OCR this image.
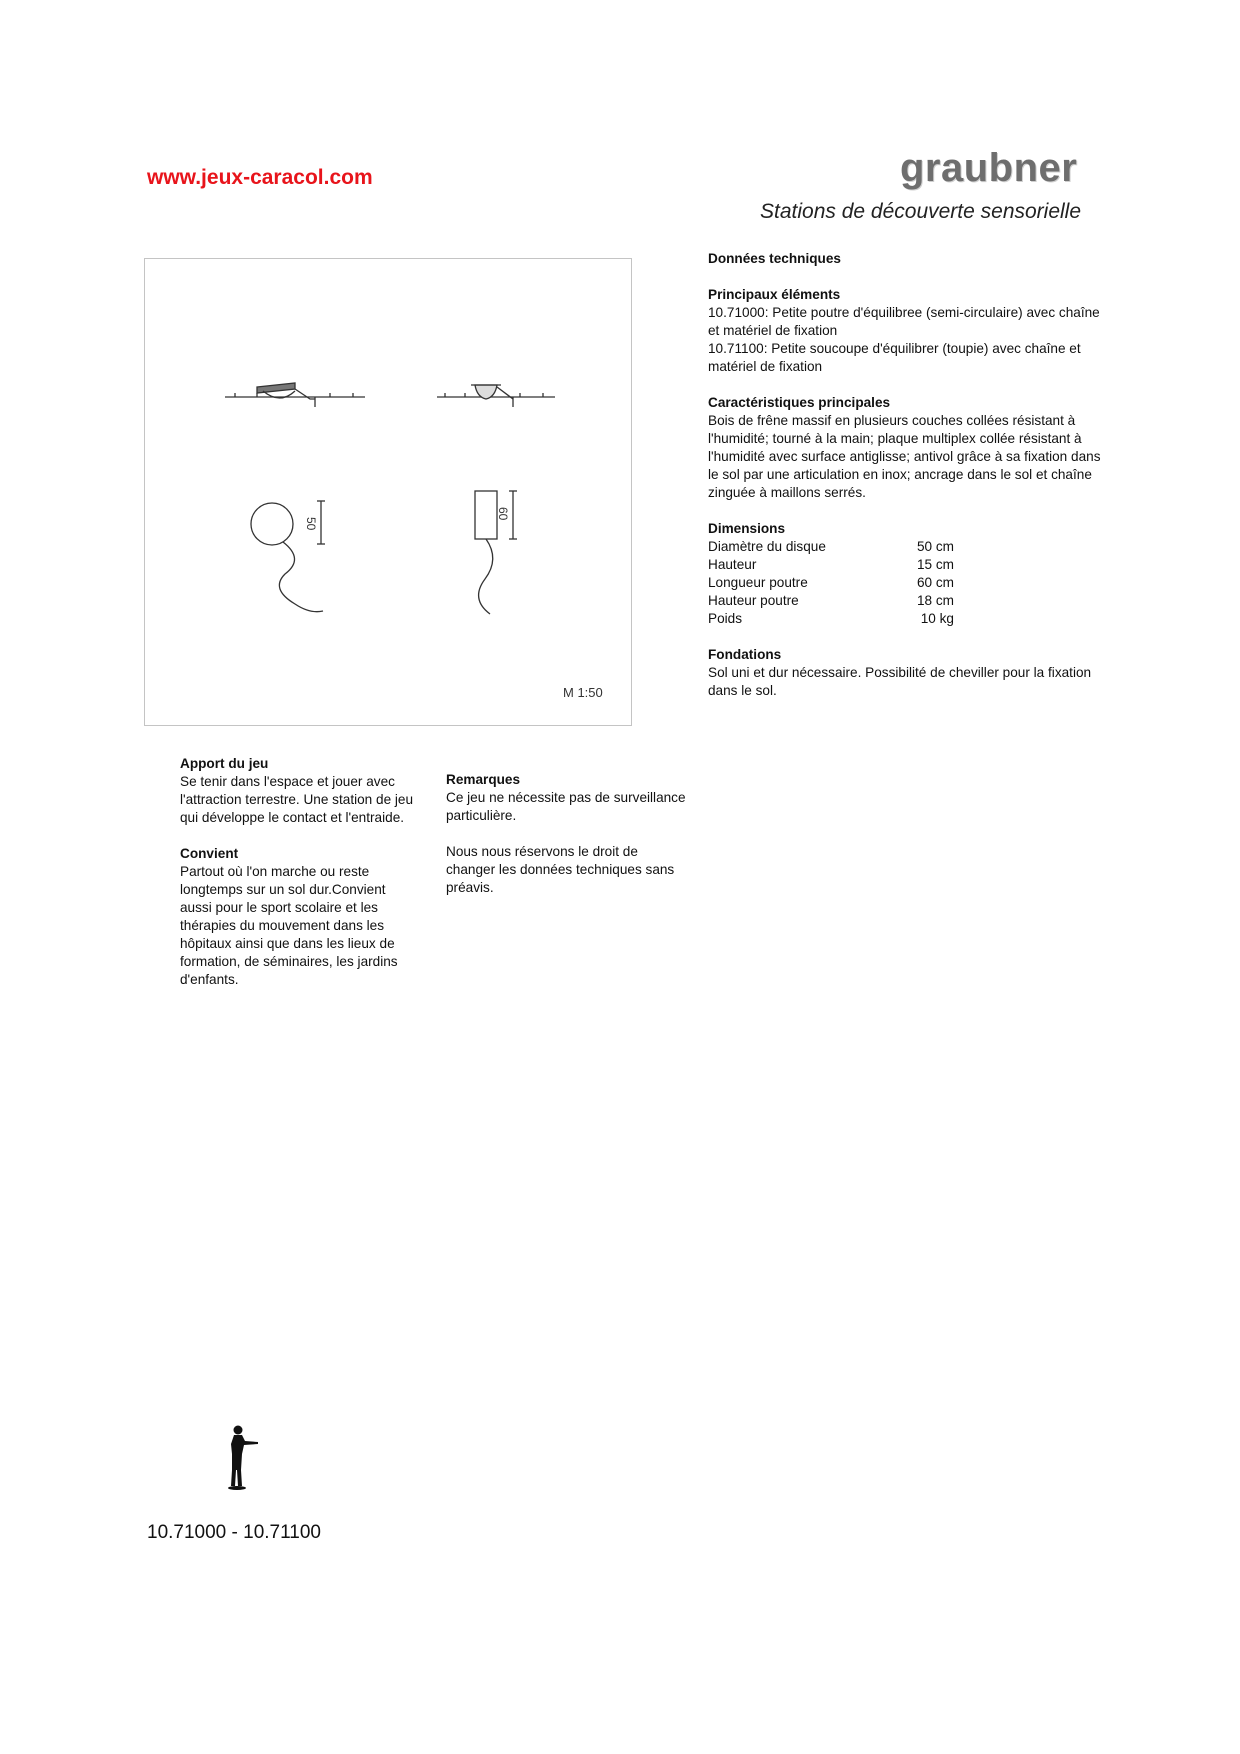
www.jeux-caracol.com	graubner
Stations de découverte sensorielle
50
60
M 1:50

Données techniques

Principaux éléments

10.71000: Petite poutre d'équilibree (semi-circulaire) avec chaîne et matériel de fixation

10.71100: Petite soucoupe d'équilibrer (toupie) avec chaîne et matériel de fixation

Caractéristiques principales

Bois de frêne massif en plusieurs couches collées résistant à l'humidité; tourné à la main; plaque multiplex collée résistant à l'humidité avec surface antiglisse; antivol grâce à sa fixation dans le sol par une articulation en inox; ancrage dans le sol et chaîne zinguée à maillons serrés.

Dimensions

Diamètre du disque	50 cm
Hauteur	15 cm
Longueur poutre	60 cm
Hauteur poutre	18 cm
Poids	10 kg

Fondations

Sol uni et dur nécessaire. Possibilité de cheviller pour la fixation dans le sol.

Apport du jeu

Se tenir dans l'espace et jouer avec l'attraction terrestre. Une station de jeu qui développe le contact et l'entraide.

Convient

Partout où l'on marche ou reste longtemps sur un sol dur.Convient aussi pour le sport scolaire et les thérapies du mouvement dans les hôpitaux ainsi que dans les lieux de formation, de séminaires, les jardins d'enfants.

Remarques

Ce jeu ne nécessite pas de surveillance particulière.

Nous nous réservons le droit de changer les données techniques sans préavis.

10.71000 - 10.71100
